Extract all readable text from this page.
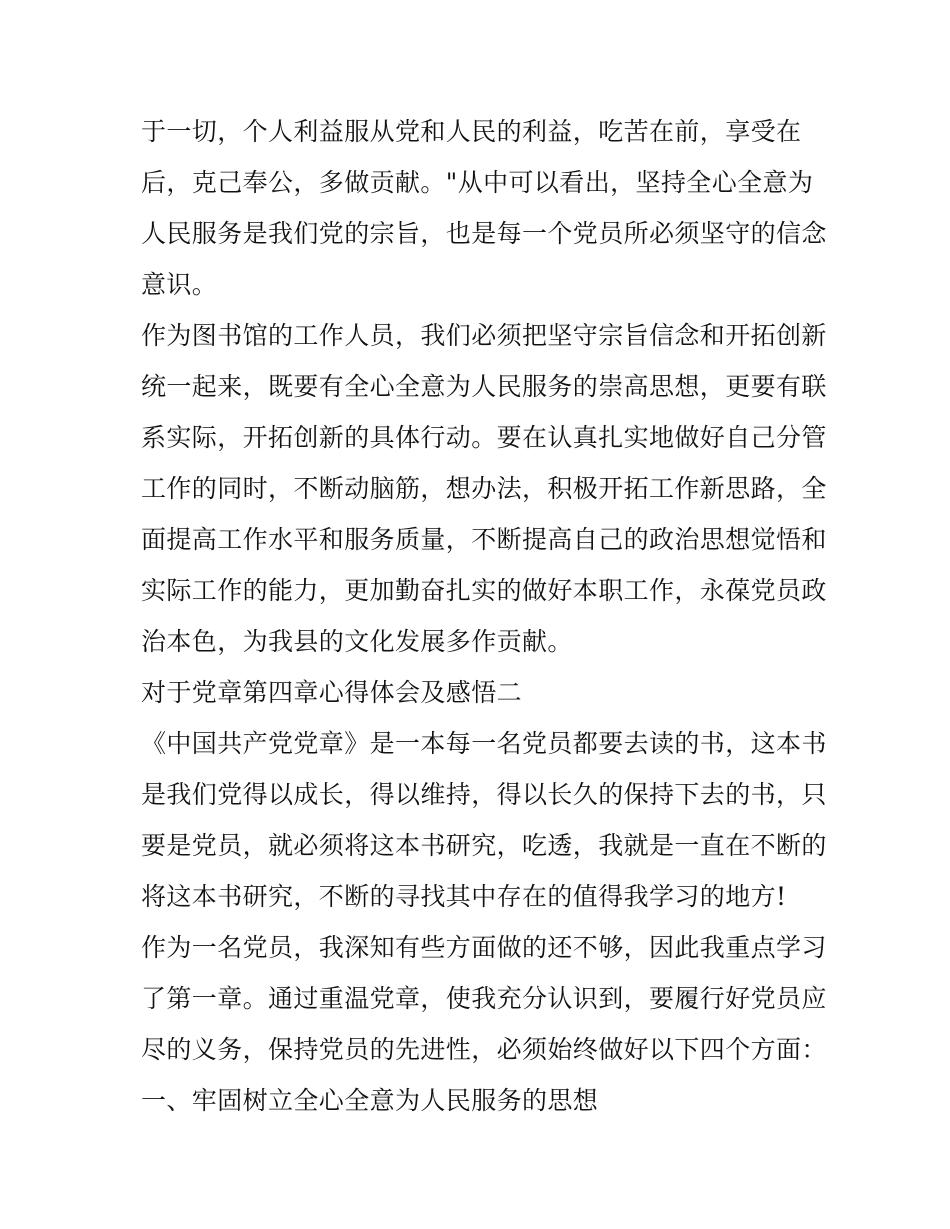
于一切，个人利益服从党和人民的利益，吃苦在前，享受在
后，克己奉公，多做贡献。"从中可以看出，坚持全心全意为
人民服务是我们党的宗旨，也是每一个党员所必须坚守的信念
意识。
作为图书馆的工作人员，我们必须把坚守宗旨信念和开拓创新
统一起来，既要有全心全意为人民服务的崇高思想，更要有联
系实际，开拓创新的具体行动。要在认真扎实地做好自己分管
工作的同时，不断动脑筋，想办法，积极开拓工作新思路，全
面提高工作水平和服务质量，不断提高自己的政治思想觉悟和
实际工作的能力，更加勤奋扎实的做好本职工作，永葆党员政
治本色，为我县的文化发展多作贡献。
对于党章第四章心得体会及感悟二
《中国共产党党章》是一本每一名党员都要去读的书，这本书
是我们党得以成长，得以维持，得以长久的保持下去的书，只
要是党员，就必须将这本书研究，吃透，我就是一直在不断的
将这本书研究，不断的寻找其中存在的值得我学习的地方!
作为一名党员，我深知有些方面做的还不够，因此我重点学习
了第一章。通过重温党章，使我充分认识到，要履行好党员应
尽的义务，保持党员的先进性，必须始终做好以下四个方面：
一、牢固树立全心全意为人民服务的思想
